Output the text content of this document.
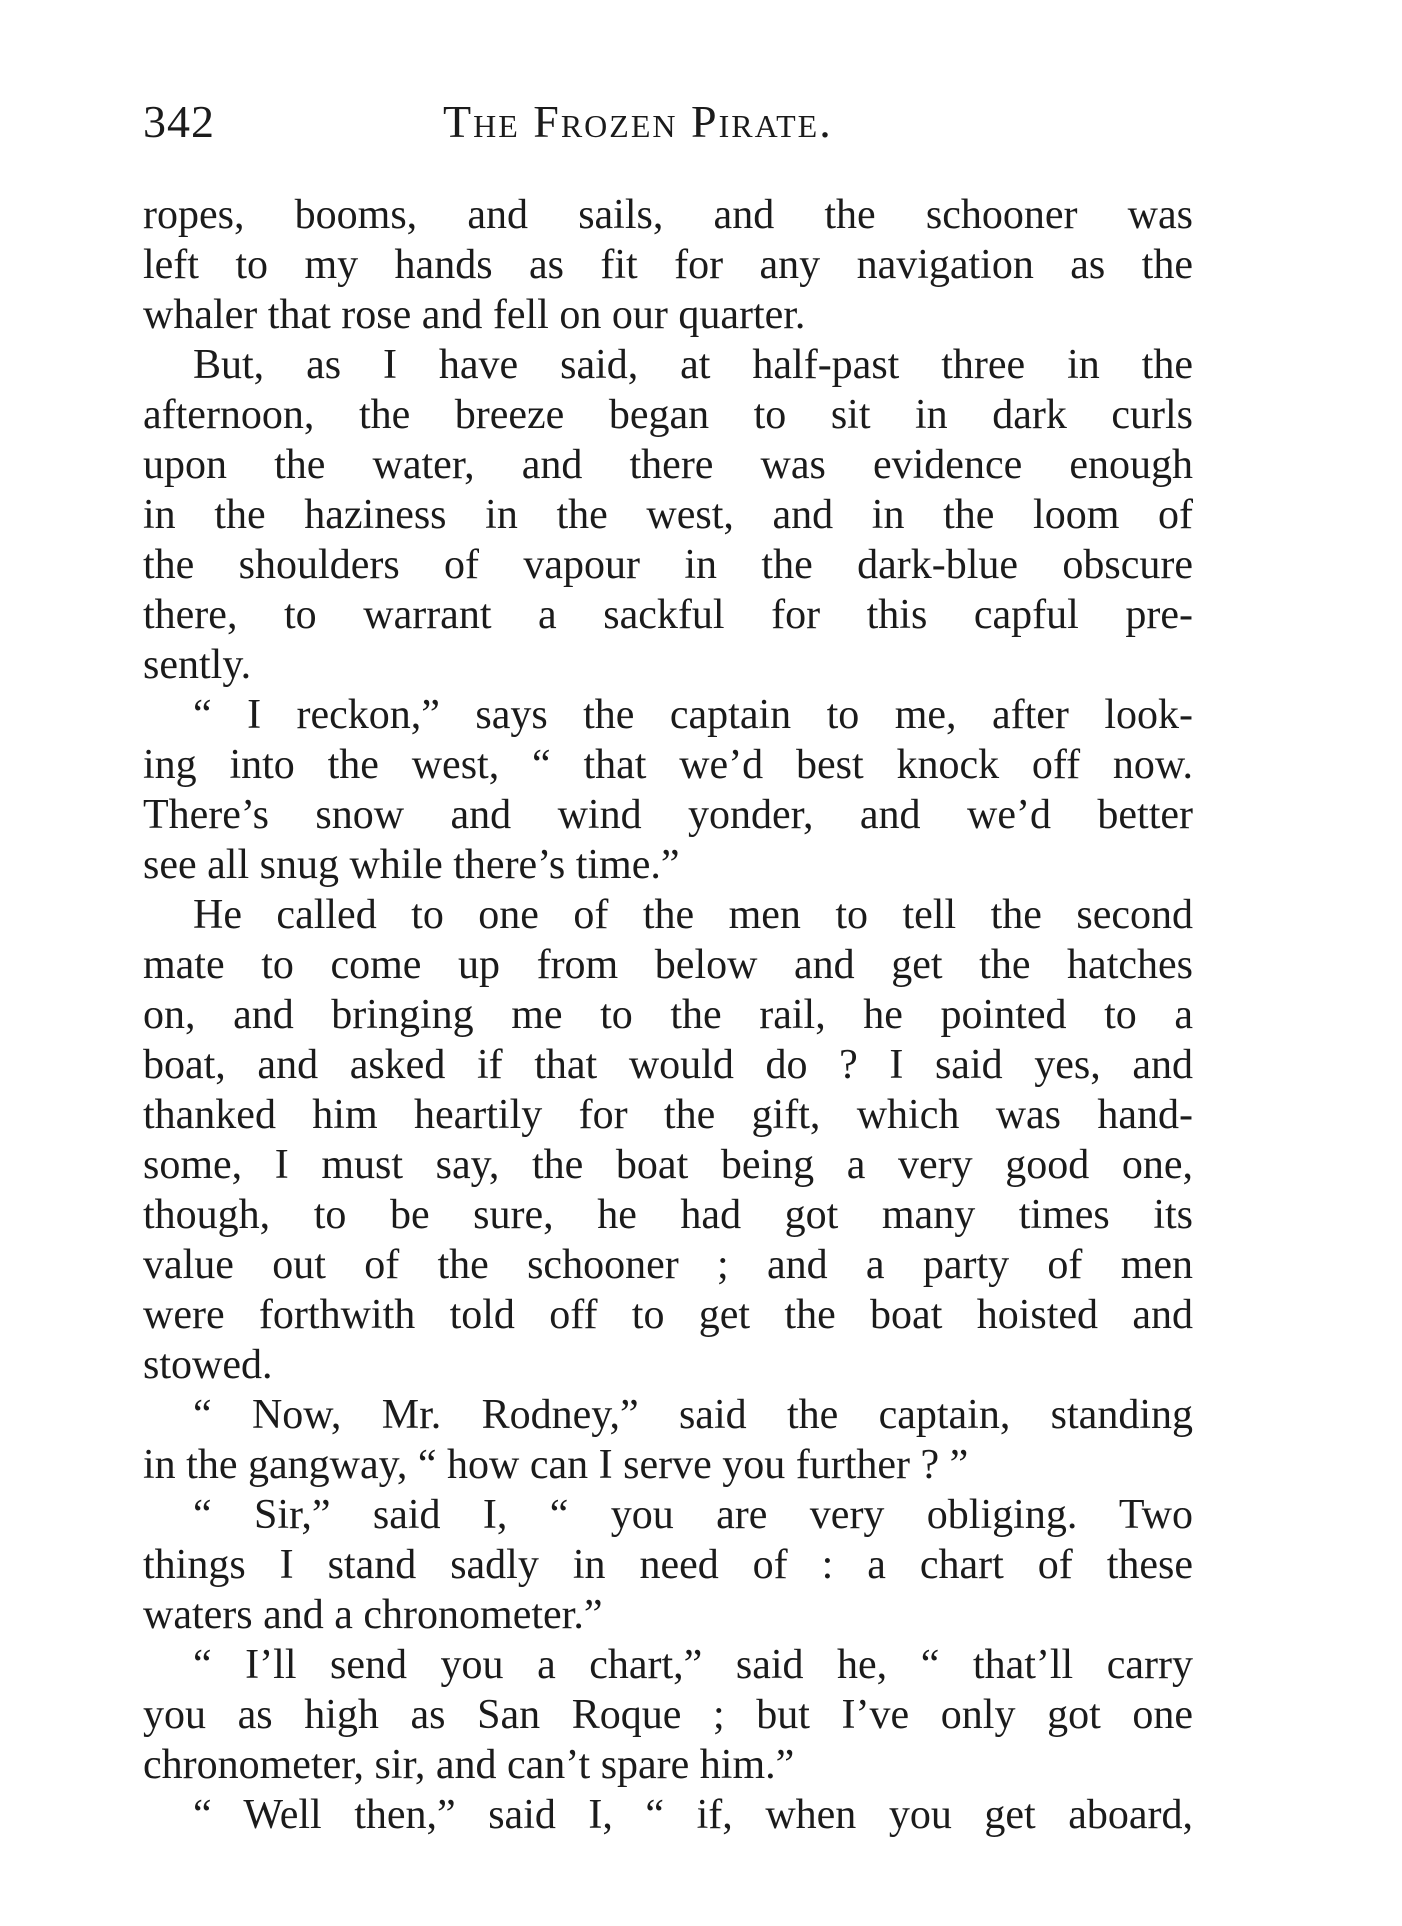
342	The Frozen Pirate.
ropes, booms, and sails, and the schooner was
left to my hands as fit for any navigation as the
whaler that rose and fell on our quarter.
But, as I have said, at half-past three in the
afternoon, the breeze began to sit in dark curls
upon the water, and there was evidence enough
in the haziness in the west, and in the loom of
the shoulders of vapour in the dark-blue obscure
there, to warrant a sackful for this capful pre-
sently.
“ I reckon,” says the captain to me, after look-
ing into the west, “ that we’d best knock off now.
There’s snow and wind yonder, and we’d better
see all snug while there’s time.”
He called to one of the men to tell the second
mate to come up from below and get the hatches
on, and bringing me to the rail, he pointed to a
boat, and asked if that would do ? I said yes, and
thanked him heartily for the gift, which was hand-
some, I must say, the boat being a very good one,
though, to be sure, he had got many times its
value out of the schooner ; and a party of men
were forthwith told off to get the boat hoisted and
stowed.
“ Now, Mr. Rodney,” said the captain, standing
in the gangway, “ how can I serve you further ? ”
“ Sir,” said I, “ you are very obliging. Two
things I stand sadly in need of : a chart of these
waters and a chronometer.”
“ I’ll send you a chart,” said he, “ that’ll carry
you as high as San Roque ; but I’ve only got one
chronometer, sir, and can’t spare him.”
“ Well then,” said I, “ if, when you get aboard,
